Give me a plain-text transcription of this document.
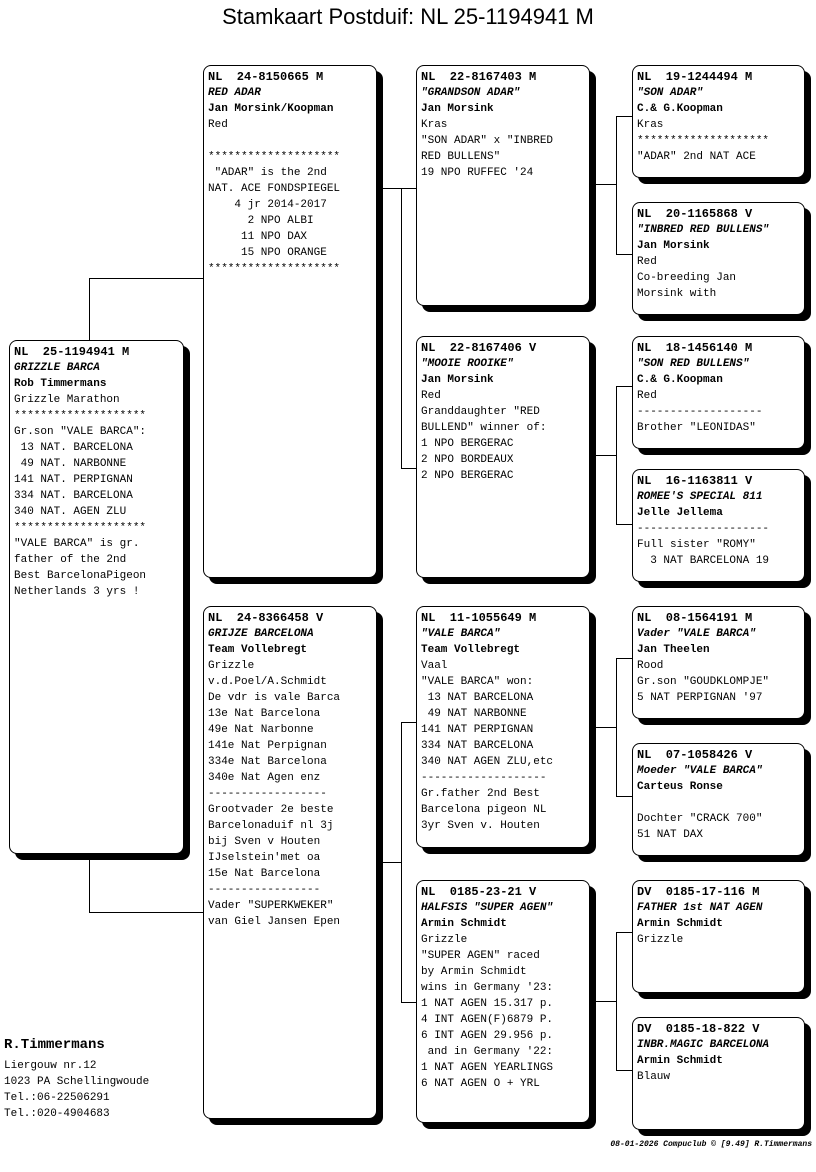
Stamkaart Postduif: NL 25-1194941 M
NL  25-1194941 M
GRIZZLE BARCA
Rob Timmermans
Grizzle Marathon
********************
Gr.son "VALE BARCA":
13 NAT. BARCELONA
49 NAT. NARBONNE
141 NAT. PERPIGNAN
334 NAT. BARCELONA
340 NAT. AGEN ZLU
********************
"VALE BARCA" is gr.
father of the 2nd
Best BarcelonaPigeon
Netherlands 3 yrs !
NL  24-8150665 M
RED ADAR
Jan Morsink/Koopman
Red
********************
"ADAR" is the 2nd
NAT. ACE FONDSPIEGEL
4 jr 2014-2017
2 NPO ALBI
11 NPO DAX
15 NPO ORANGE
********************
NL  24-8366458 V
GRIJZE BARCELONA
Team Vollebregt
Grizzle
v.d.Poel/A.Schmidt
De vdr is vale Barca
13e Nat Barcelona
49e Nat Narbonne
141e Nat Perpignan
334e Nat Barcelona
340e Nat Agen enz
------------------
Grootvader 2e beste
Barcelonaduif nl 3j
bij Sven v Houten
IJselstein'met oa
15e Nat Barcelona
-----------------
Vader "SUPERKWEKER"
van Giel Jansen Epen
NL  22-8167403 M
"GRANDSON ADAR"
Jan Morsink
Kras
"SON ADAR" x "INBRED
RED BULLENS"
19 NPO RUFFEC '24
NL  22-8167406 V
"MOOIE ROOIKE"
Jan Morsink
Red
Granddaughter "RED
BULLEND" winner of:
1 NPO BERGERAC
2 NPO BORDEAUX
2 NPO BERGERAC
NL  11-1055649 M
"VALE BARCA"
Team Vollebregt
Vaal
"VALE BARCA" won:
13 NAT BARCELONA
49 NAT NARBONNE
141 NAT PERPIGNAN
334 NAT BARCELONA
340 NAT AGEN ZLU,etc
-------------------
Gr.father 2nd Best
Barcelona pigeon NL
3yr Sven v. Houten
NL  0185-23-21 V
HALFSIS "SUPER AGEN"
Armin Schmidt
Grizzle
"SUPER AGEN" raced
by Armin Schmidt
wins in Germany '23:
1 NAT AGEN 15.317 p.
4 INT AGEN(F)6879 P.
6 INT AGEN 29.956 p.
and in Germany '22:
1 NAT AGEN YEARLINGS
6 NAT AGEN O + YRL
NL  19-1244494 M
"SON ADAR"
C.& G.Koopman
Kras
********************
"ADAR" 2nd NAT ACE
NL  20-1165868 V
"INBRED RED BULLENS"
Jan Morsink
Red
Co-breeding Jan
Morsink with
NL  18-1456140 M
"SON RED BULLENS"
C.& G.Koopman
Red
-------------------
Brother "LEONIDAS"
NL  16-1163811 V
ROMEE'S SPECIAL 811
Jelle Jellema
--------------------
Full sister "ROMY"
3 NAT BARCELONA 19
NL  08-1564191 M
Vader "VALE BARCA"
Jan Theelen
Rood
Gr.son "GOUDKLOMPJE"
5 NAT PERPIGNAN '97
NL  07-1058426 V
Moeder "VALE BARCA"
Carteus Ronse
Dochter "CRACK 700"
51 NAT DAX
DV  0185-17-116 M
FATHER 1st NAT AGEN
Armin Schmidt
Grizzle
DV  0185-18-822 V
INBR.MAGIC BARCELONA
Armin Schmidt
Blauw
R.Timmermans
Liergouw nr.12
1023 PA Schellingwoude
Tel.:06-22506291
Tel.:020-4904683
08-01-2026 Compuclub © [9.49] R.Timmermans
